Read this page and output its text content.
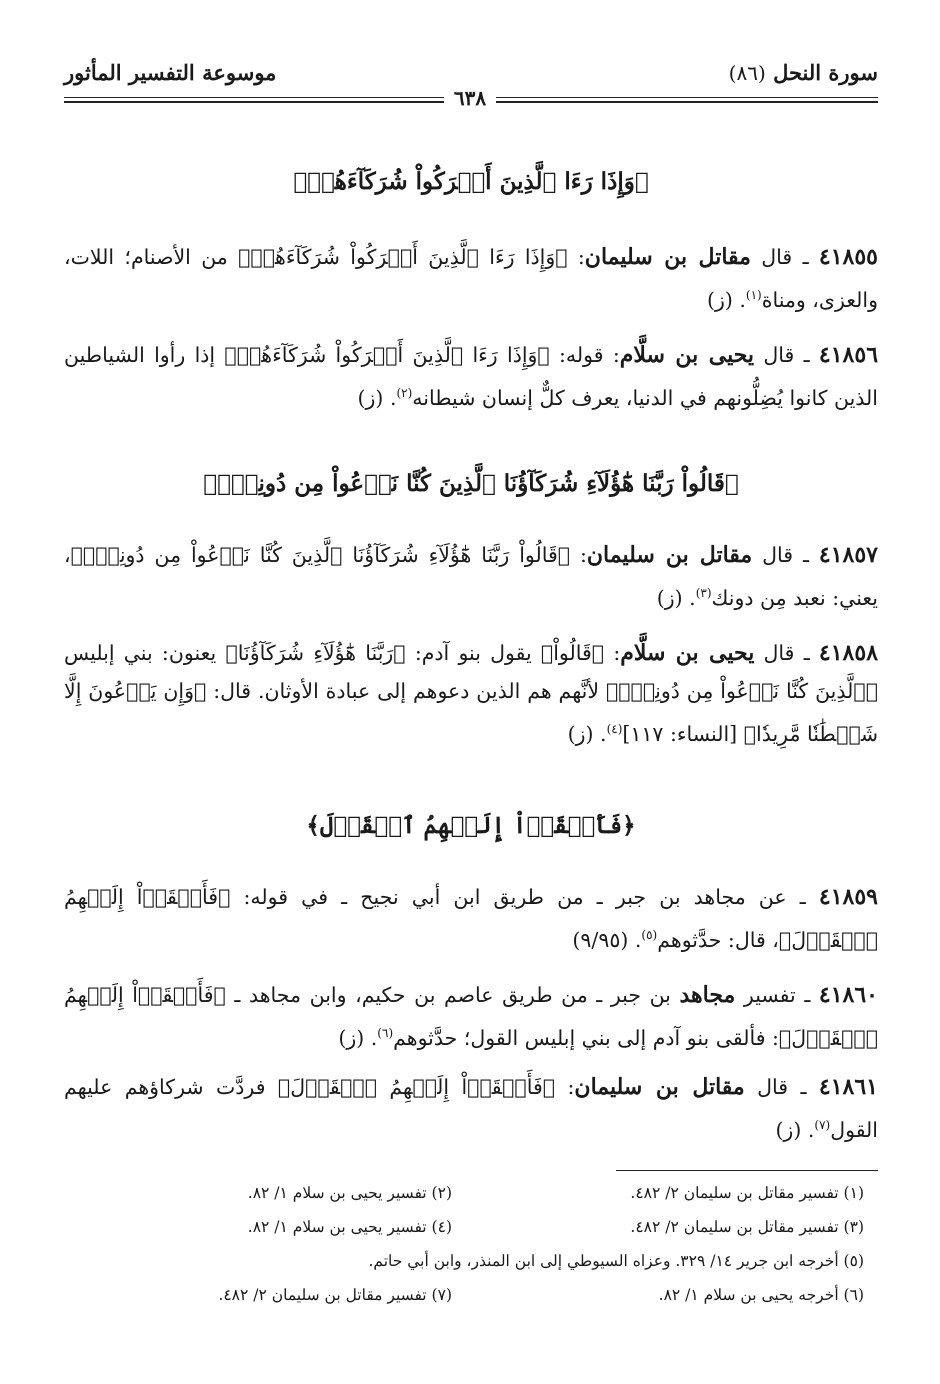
سورة النحل (٨٦)
موسوعة التفسير المأثور
٦٣٨
﴿وَإِذَا رَءَا ٱلَّذِينَ أَشۡرَكُواْ شُرَكَآءَهُمۡ﴾
٤١٨٥٥ ـ قال مقاتل بن سليمان: ﴿وَإِذَا رَءَا ٱلَّذِينَ أَشۡرَكُواْ شُرَكَآءَهُمۡ﴾ من الأصنام؛ اللات، والعزى، ومناة$^{(١)}$. (ز)
٤١٨٥٦ ـ قال يحيى بن سلَّام: قوله: ﴿وَإِذَا رَءَا ٱلَّذِينَ أَشۡرَكُواْ شُرَكَآءَهُمۡ﴾ إذا رأوا الشياطين الذين كانوا يُضِلُّونهم في الدنيا، يعرف كلٌّ إنسان شيطانه$^{(٢)}$. (ز)
﴿قَالُواْ رَبَّنَا هَٰٓؤُلَآءِ شُرَكَآؤُنَا ٱلَّذِينَ كُنَّا نَدۡعُواْ مِن دُونِكَۖ﴾
٤١٨٥٧ ـ قال مقاتل بن سليمان: ﴿قَالُواْ رَبَّنَا هَٰٓؤُلَآءِ شُرَكَآؤُنَا ٱلَّذِينَ كُنَّا نَدۡعُواْ مِن دُونِكَۖ﴾، يعني: نعبد مِن دونك$^{(٣)}$. (ز)
٤١٨٥٨ ـ قال يحيى بن سلَّام: ﴿قَالُواْ﴾ يقول بنو آدم: ﴿رَبَّنَا هَٰٓؤُلَآءِ شُرَكَآؤُنَا﴾ يعنون: بني إبليس ﴿ٱلَّذِينَ كُنَّا نَدۡعُواْ مِن دُونِكَۖ﴾ لأنَّهم هم الذين دعوهم إلى عبادة الأوثان. قال: ﴿وَإِن يَدۡعُونَ إِلَّا شَيۡطَٰنٗا مَّرِيدٗا﴾ [النساء: ١١٧]$^{(٤)}$. (ز)
﴿فَأَلۡقَوۡاْ إِلَيۡهِمُ ٱلۡقَوۡلَ﴾
٤١٨٥٩ ـ عن مجاهد بن جبر ـ من طريق ابن أبي نجيح ـ في قوله: ﴿فَأَلۡقَوۡاْ إِلَيۡهِمُ ٱلۡقَوۡلَ﴾، قال: حدَّثوهم$^{(٥)}$. (٩/٩٥)
٤١٨٦٠ ـ تفسير مجاهد بن جبر ـ من طريق عاصم بن حكيم، وابن مجاهد ـ ﴿فَأَلۡقَوۡاْ إِلَيۡهِمُ ٱلۡقَوۡلَ﴾: فألقى بنو آدم إلى بني إبليس القول؛ حدَّثوهم$^{(٦)}$. (ز)
٤١٨٦١ ـ قال مقاتل بن سليمان: ﴿فَأَلۡقَوۡاْ إِلَيۡهِمُ ٱلۡقَوۡلَ﴾ فردَّت شركاؤهم عليهم القول$^{(٧)}$. (ز)
(١) تفسير مقاتل بن سليمان ٢/ ٤٨٢.
(٢) تفسير يحيى بن سلام ١/ ٨٢.
(٣) تفسير مقاتل بن سليمان ٢/ ٤٨٢.
(٤) تفسير يحيى بن سلام ١/ ٨٢.
(٥) أخرجه ابن جرير ١٤/ ٣٢٩. وعزاه السيوطي إلى ابن المنذر، وابن أبي حاتم.
(٦) أخرجه يحيى بن سلام ١/ ٨٢.
(٧) تفسير مقاتل بن سليمان ٢/ ٤٨٢.
